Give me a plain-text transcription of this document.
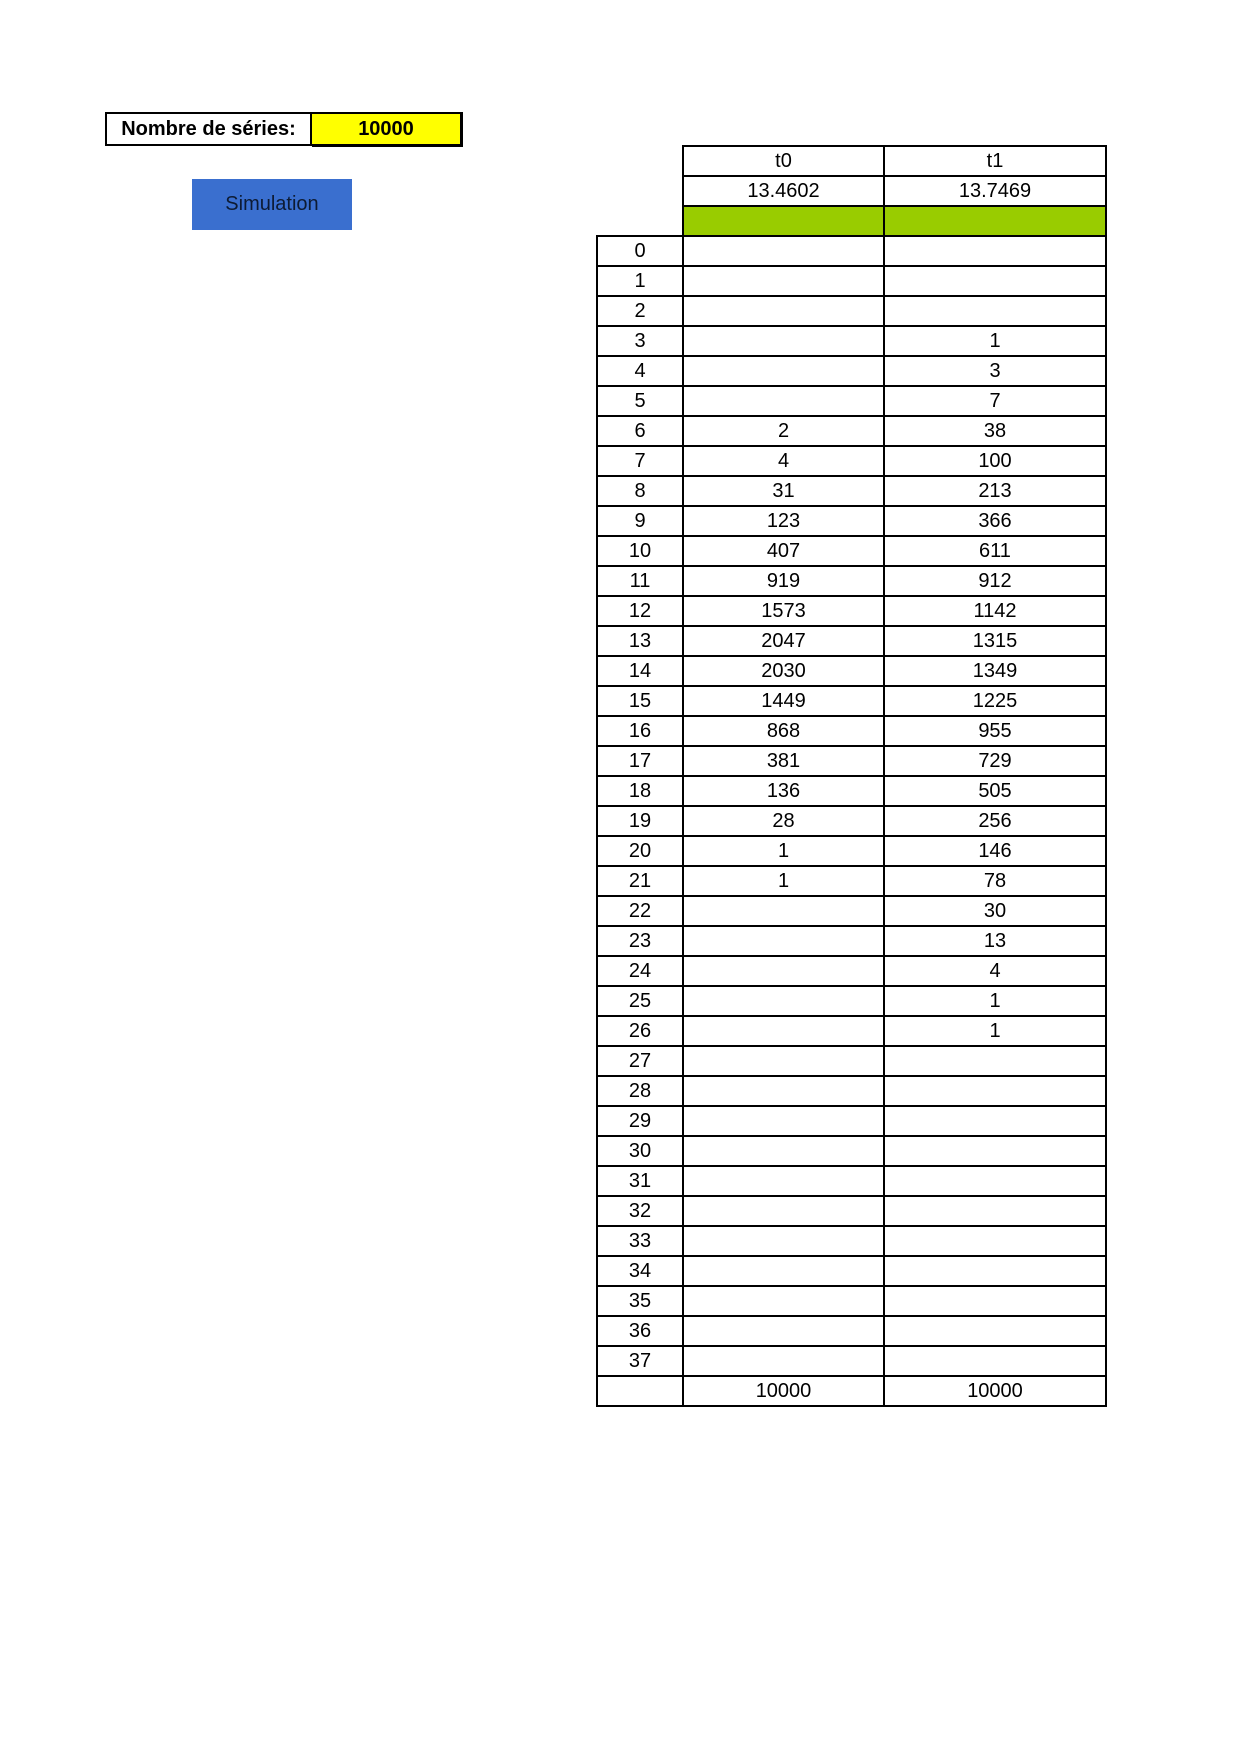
Nombre de séries:	10000
Simulation
	t0	t1
	13.4602	13.7469

0		
1		
2		
3		1
4		3
5		7
6	2	38
7	4	100
8	31	213
9	123	366
10	407	611
11	919	912
12	1573	1142
13	2047	1315
14	2030	1349
15	1449	1225
16	868	955
17	381	729
18	136	505
19	28	256
20	1	146
21	1	78
22		30
23		13
24		4
25		1
26		1
27		
28		
29		
30		
31		
32		
33		
34		
35		
36		
37		
	10000	10000
